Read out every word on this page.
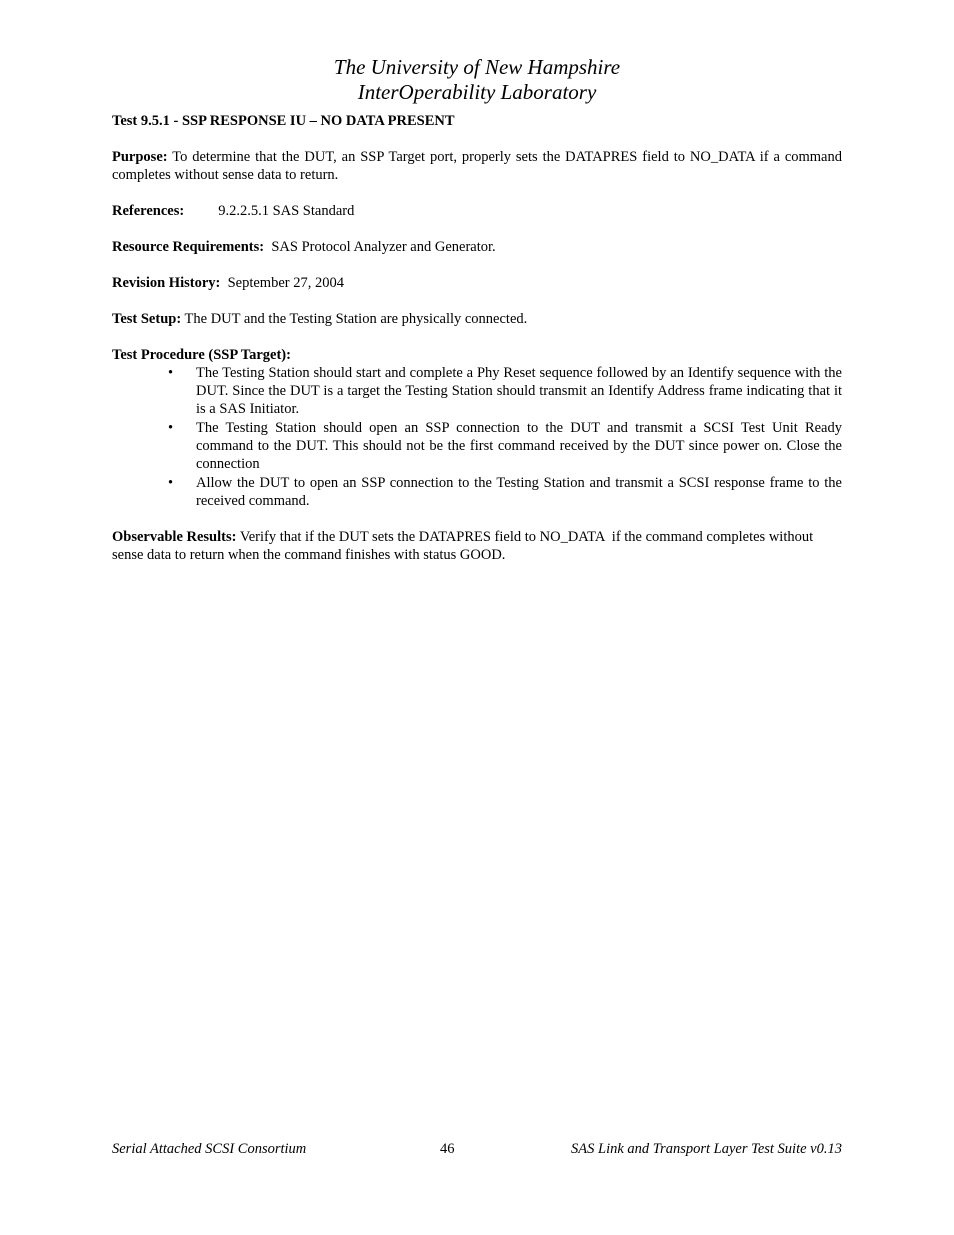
The University of New Hampshire
InterOperability Laboratory
Test 9.5.1 - SSP RESPONSE IU – NO DATA PRESENT
Purpose: To determine that the DUT, an SSP Target port, properly sets the DATAPRES field to NO_DATA if a command completes without sense data to return.
References: 9.2.2.5.1 SAS Standard
Resource Requirements:  SAS Protocol Analyzer and Generator.
Revision History:  September 27, 2004
Test Setup: The DUT and the Testing Station are physically connected.
Test Procedure (SSP Target):
• The Testing Station should start and complete a Phy Reset sequence followed by an Identify sequence with the DUT. Since the DUT is a target the Testing Station should transmit an Identify Address frame indicating that it is a SAS Initiator.
• The Testing Station should open an SSP connection to the DUT and transmit a SCSI Test Unit Ready command to the DUT. This should not be the first command received by the DUT since power on. Close the connection
• Allow the DUT to open an SSP connection to the Testing Station and transmit a SCSI response frame to the received command.
Observable Results: Verify that if the DUT sets the DATAPRES field to NO_DATA  if the command completes without sense data to return when the command finishes with status GOOD.
Serial Attached SCSI Consortium	46	SAS Link and Transport Layer Test Suite v0.13
